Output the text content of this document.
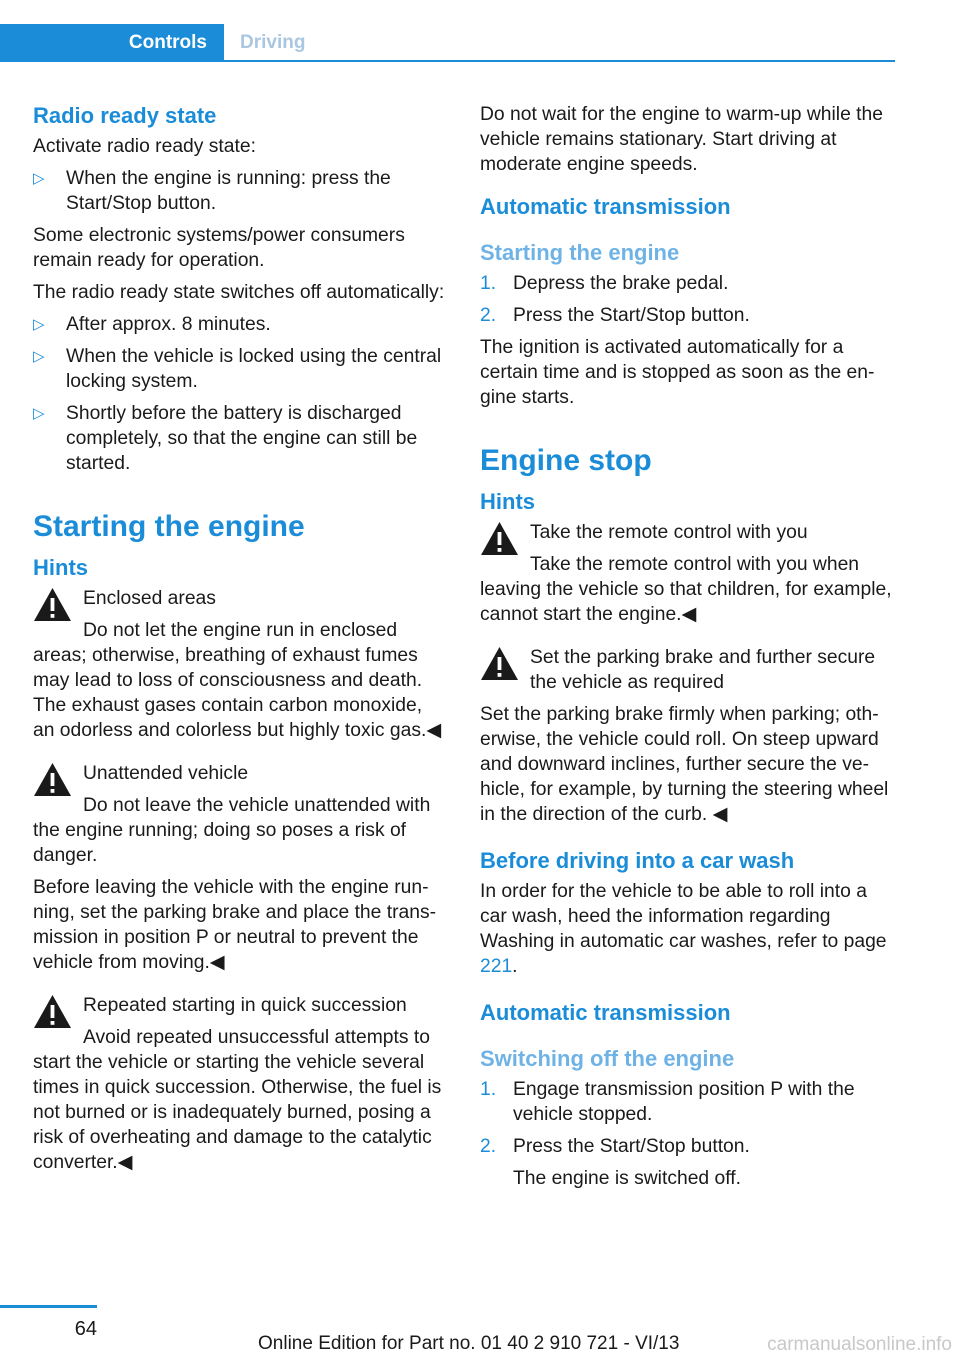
Controls	Driving
Radio ready state

Activate radio ready state:

▷ When the engine is running: press the Start/Stop button.

Some electronic systems/power consumers remain ready for operation.

The radio ready state switches off automatically:

▷ After approx. 8 minutes.
▷ When the vehicle is locked using the central locking system.
▷ Shortly before the battery is discharged completely, so that the engine can still be started.
Starting the engine
Hints
Enclosed areas
Do not let the engine run in enclosed areas; otherwise, breathing of exhaust fumes may lead to loss of consciousness and death. The exhaust gases contain carbon monoxide, an odorless and colorless but highly toxic gas.◀
Unattended vehicle
Do not leave the vehicle unattended with the engine running; doing so poses a risk of danger.

Before leaving the vehicle with the engine running, set the parking brake and place the transmission in position P or neutral to prevent the vehicle from moving.◀

Repeated starting in quick succession
Avoid repeated unsuccessful attempts to start the vehicle or starting the vehicle several times in quick succession. Otherwise, the fuel is not burned or is inadequately burned, posing a risk of overheating and damage to the catalytic converter.◀

Do not wait for the engine to warm-up while the vehicle remains stationary. Start driving at moderate engine speeds.

Automatic transmission
Starting the engine
1. Depress the brake pedal.
2. Press the Start/Stop button.

The ignition is activated automatically for a certain time and is stopped as soon as the engine starts.

Engine stop
Hints
Take the remote control with you
Take the remote control with you when leaving the vehicle so that children, for example, cannot start the engine.◀
Set the parking brake and further secure the vehicle as required
Set the parking brake firmly when parking; otherwise, the vehicle could roll. On steep upward and downward inclines, further secure the vehicle, for example, by turning the steering wheel in the direction of the curb. ◀
Before driving into a car wash

In order for the vehicle to be able to roll into a car wash, heed the information regarding Washing in automatic car washes, refer to page 221.

Automatic transmission
Switching off the engine
1. Engage transmission position P with the vehicle stopped.
2. Press the Start/Stop button.

The engine is switched off.

64
Online Edition for Part no. 01 40 2 910 721 - VI/13	carmanualsonline.info
